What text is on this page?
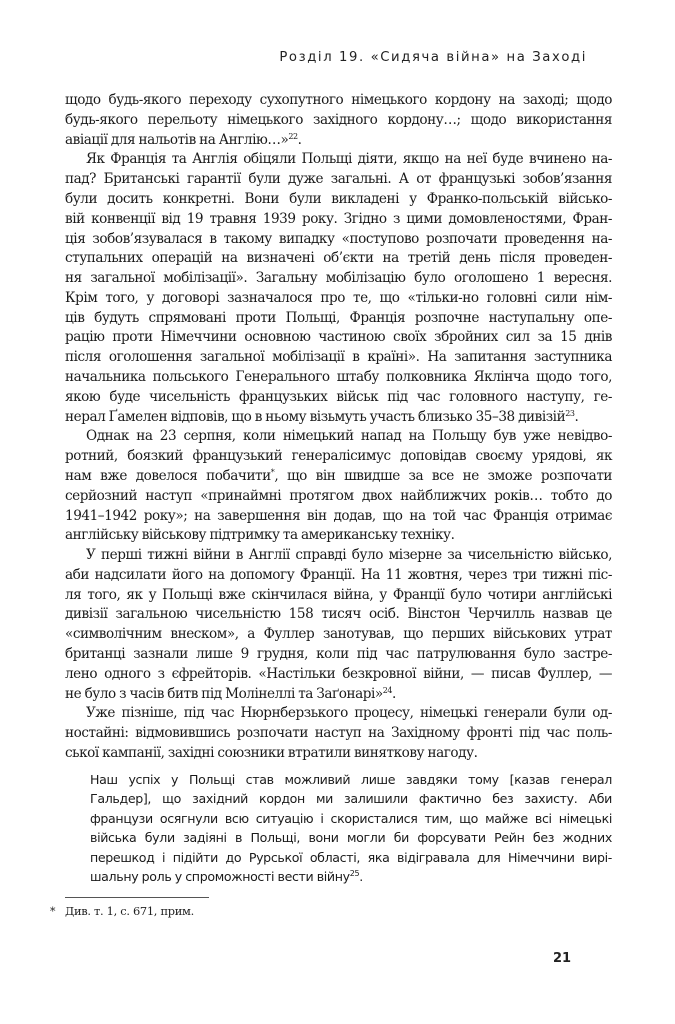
Розділ 19. «Сидяча війна» на Заході
щодо будь-якого переходу сухопутного німецького кордону на заході; щодо
будь-якого перельоту німецького західного кордону…; щодо використання
авіації для нальотів на Англію…»$^{22}$.
Як Франція та Англія обіцяли Польщі діяти, якщо на неї буде вчинено на-
пад? Британські гарантії були дуже загальні. А от французькі зобов’язання
були досить конкретні. Вони були викладені у Франко-польській військо-
вій конвенції від 19 травня 1939 року. Згідно з цими домовленостями, Фран-
ція зобов’язувалася в такому випадку «поступово розпочати проведення на-
ступальних операцій на визначені об’єкти на третій день після проведен-
ня загальної мобілізації». Загальну мобілізацію було оголошено 1 вересня.
Крім того, у договорі зазначалося про те, що «тільки-но головні сили нім-
ців будуть спрямовані проти Польщі, Франція розпочне наступальну опе-
рацію проти Німеччини основною частиною своїх збройних сил за 15 днів
після оголошення загальної мобілізації в країні». На запитання заступника
начальника польського Генерального штабу полковника Яклінча щодо того,
якою буде чисельність французьких військ під час головного наступу, ге-
нерал Ґамелен відповів, що в ньому візьмуть участь близько 35–38 дивізій$^{23}$.
Однак на 23 серпня, коли німецький напад на Польщу був уже невідво-
ротний, боязкий французький генералісимус доповідав своєму урядові, як
нам вже довелося побачити*, що він швидше за все не зможе розпочати
серйозний наступ «принаймні протягом двох найближчих років… тобто до
1941–1942 року»; на завершення він додав, що на той час Франція отримає
англійську військову підтримку та американську техніку.
У перші тижні війни в Англії справді було мізерне за чисельністю військо,
аби надсилати його на допомогу Франції. На 11 жовтня, через три тижні піс-
ля того, як у Польщі вже скінчилася війна, у Франції було чотири англійські
дивізії загальною чисельністю 158 тисяч осіб. Вінстон Черчилль назвав це
«символічним внеском», а Фуллер занотував, що перших військових утрат
британці зазнали лише 9 грудня, коли під час патрулювання було застре-
лено одного з єфрейторів. «Настільки безкровної війни, — писав Фуллер, —
не було з часів битв під Молінеллі та Заґонарі»$^{24}$.
Уже пізніше, під час Нюрнберзького процесу, німецькі генерали були од-
ностайні: відмовившись розпочати наступ на Західному фронті під час поль-
ської кампанії, західні союзники втратили виняткову нагоду.
Наш успіх у Польщі став можливий лише завдяки тому [казав генерал
Гальдер], що західний кордон ми залишили фактично без захисту. Аби
французи осягнули всю ситуацію і скористалися тим, що майже всі німецькі
війська були задіяні в Польщі, вони могли би форсувати Рейн без жодних
перешкод і підійти до Рурської області, яка відігравала для Німеччини вирі-
шальну роль у спроможності вести війну$^{25}$.
* Див. т. 1, с. 671, прим.
21
